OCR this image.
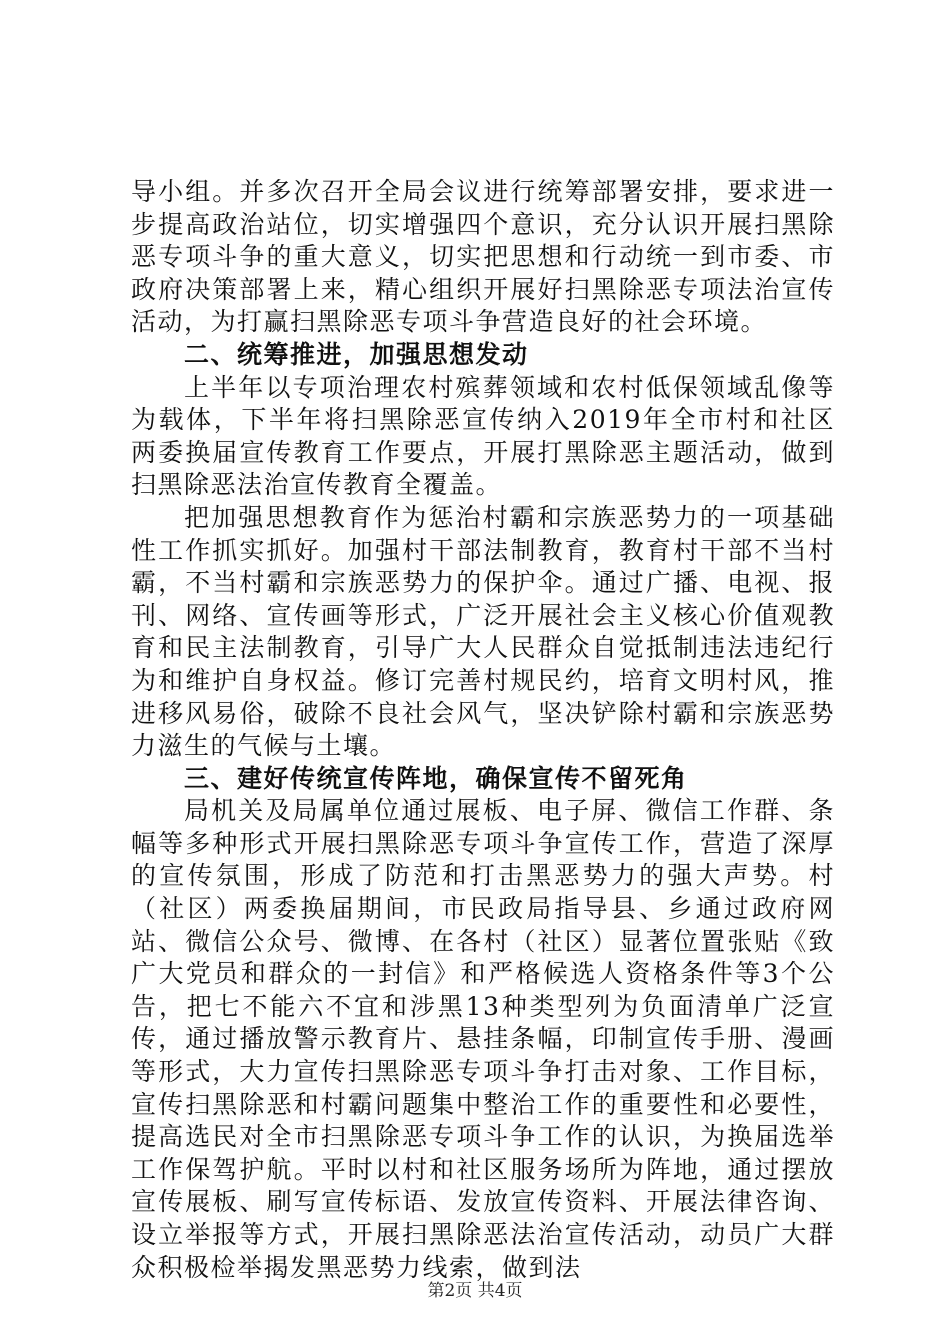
导小组。并多次召开全局会议进行统筹部署安排，要求进一步提高政治站位，切实增强四个意识，充分认识开展扫黑除恶专项斗争的重大意义，切实把思想和行动统一到市委、市政府决策部署上来，精心组织开展好扫黑除恶专项法治宣传活动，为打赢扫黑除恶专项斗争营造良好的社会环境。

二、统筹推进，加强思想发动

上半年以专项治理农村殡葬领域和农村低保领域乱像等为载体，下半年将扫黑除恶宣传纳入2019年全市村和社区两委换届宣传教育工作要点，开展打黑除恶主题活动，做到扫黑除恶法治宣传教育全覆盖。

把加强思想教育作为惩治村霸和宗族恶势力的一项基础性工作抓实抓好。加强村干部法制教育，教育村干部不当村霸，不当村霸和宗族恶势力的保护伞。通过广播、电视、报刊、网络、宣传画等形式，广泛开展社会主义核心价值观教育和民主法制教育，引导广大人民群众自觉抵制违法违纪行为和维护自身权益。修订完善村规民约，培育文明村风，推进移风易俗，破除不良社会风气，坚决铲除村霸和宗族恶势力滋生的气候与土壤。

三、建好传统宣传阵地，确保宣传不留死角

局机关及局属单位通过展板、电子屏、微信工作群、条幅等多种形式开展扫黑除恶专项斗争宣传工作，营造了深厚的宣传氛围，形成了防范和打击黑恶势力的强大声势。村（社区）两委换届期间，市民政局指导县、乡通过政府网站、微信公众号、微博、在各村（社区）显著位置张贴《致广大党员和群众的一封信》和严格候选人资格条件等3个公告，把七不能六不宜和涉黑13种类型列为负面清单广泛宣传，通过播放警示教育片、悬挂条幅，印制宣传手册、漫画等形式，大力宣传扫黑除恶专项斗争打击对象、工作目标，宣传扫黑除恶和村霸问题集中整治工作的重要性和必要性，提高选民对全市扫黑除恶专项斗争工作的认识，为换届选举工作保驾护航。平时以村和社区服务场所为阵地，通过摆放宣传展板、刷写宣传标语、发放宣传资料、开展法律咨询、设立举报等方式，开展扫黑除恶法治宣传活动，动员广大群众积极检举揭发黑恶势力线索，做到法

第2页 共4页
